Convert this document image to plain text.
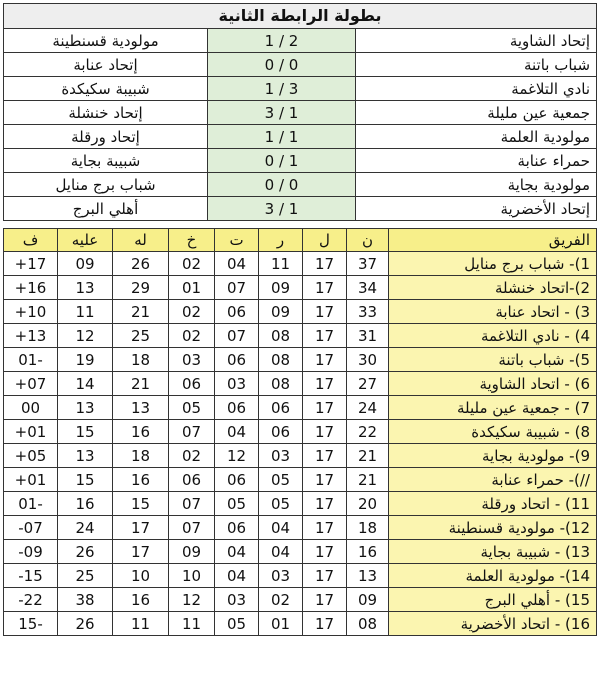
بطولة الرابطة الثانية		
مولودية قسنطينة	1 / 2	إتحاد الشاوية
إتحاد عنابة	0 / 0	شباب باتنة
شبيبة سكيكدة	1 / 3	نادي التلاغمة
إتحاد خنشلة	3 / 1	جمعية عين مليلة
إتحاد ورقلة	1 / 1	مولودية العلمة
شبيبة بجاية	0 / 1	حمراء عنابة
شباب برج منايل	0 / 0	مولودية بجاية
أهلي البرج	3 / 1	إتحاد الأخضرية
ف	عليه	له	خ	ت	ر	ل	ن	الفريق
+17	09	26	02	04	11	17	37	1)- شباب برج منايل
+16	13	29	01	07	09	17	34	2)-اتحاد خنشلة
+10	11	21	02	06	09	17	33	3) - اتحاد عنابة
+13	12	25	02	07	08	17	31	4) - نادي التلاغمة
01-	19	18	03	06	08	17	30	5)- شباب باتنة
+07	14	21	06	03	08	17	27	6) - اتحاد الشاوية
00	13	13	05	06	06	17	24	7) - جمعية عين مليلة
+01	15	16	07	04	06	17	22	8) - شبيبة سكيكدة
+05	13	18	02	12	03	17	21	9)- مولودية بجاية
+01	15	16	06	06	05	17	21	//)- حمراء عنابة
01-	16	15	07	05	05	17	20	11) - اتحاد ورقلة
-07	24	17	07	06	04	17	18	12)- مولودية قسنطينة
-09	26	17	09	04	04	17	16	13) - شبيبة بجاية
-15	25	10	10	04	03	17	13	14)- مولودية العلمة
-22	38	16	12	03	02	17	09	15) - أهلي البرج
15-	26	11	11	05	01	17	08	16) - اتحاد الأخضرية
